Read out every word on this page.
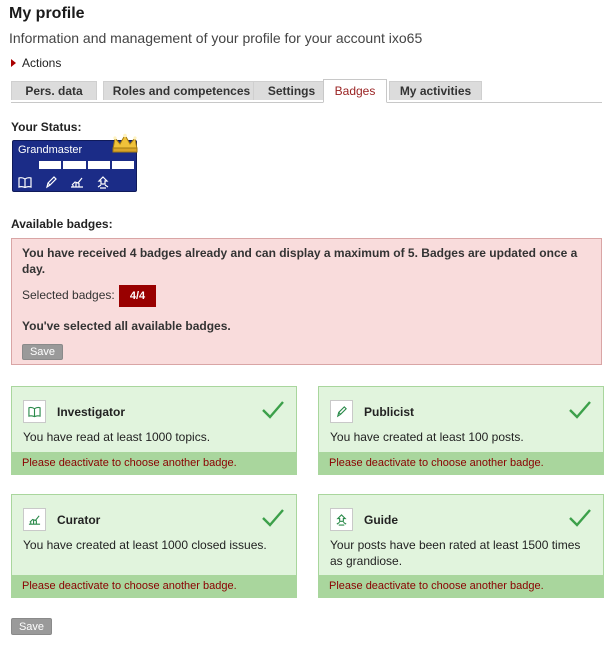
My profile
Information and management of your profile for your account ixo65
Actions
Pers. data	Roles and competences	Settings	Badges	My activities
Your Status:
Grandmaster
Available badges:
You have received 4 badges already and can display a maximum of 5. Badges are updated once a day.
Selected badges:	4/4
You've selected all available badges.
Save
Investigator
You have read at least 1000 topics.
Please deactivate to choose another badge.
Publicist
You have created at least 100 posts.
Please deactivate to choose another badge.
Curator
You have created at least 1000 closed issues.
Please deactivate to choose another badge.
Guide
Your posts have been rated at least 1500 times as grandiose.
Please deactivate to choose another badge.
Save
